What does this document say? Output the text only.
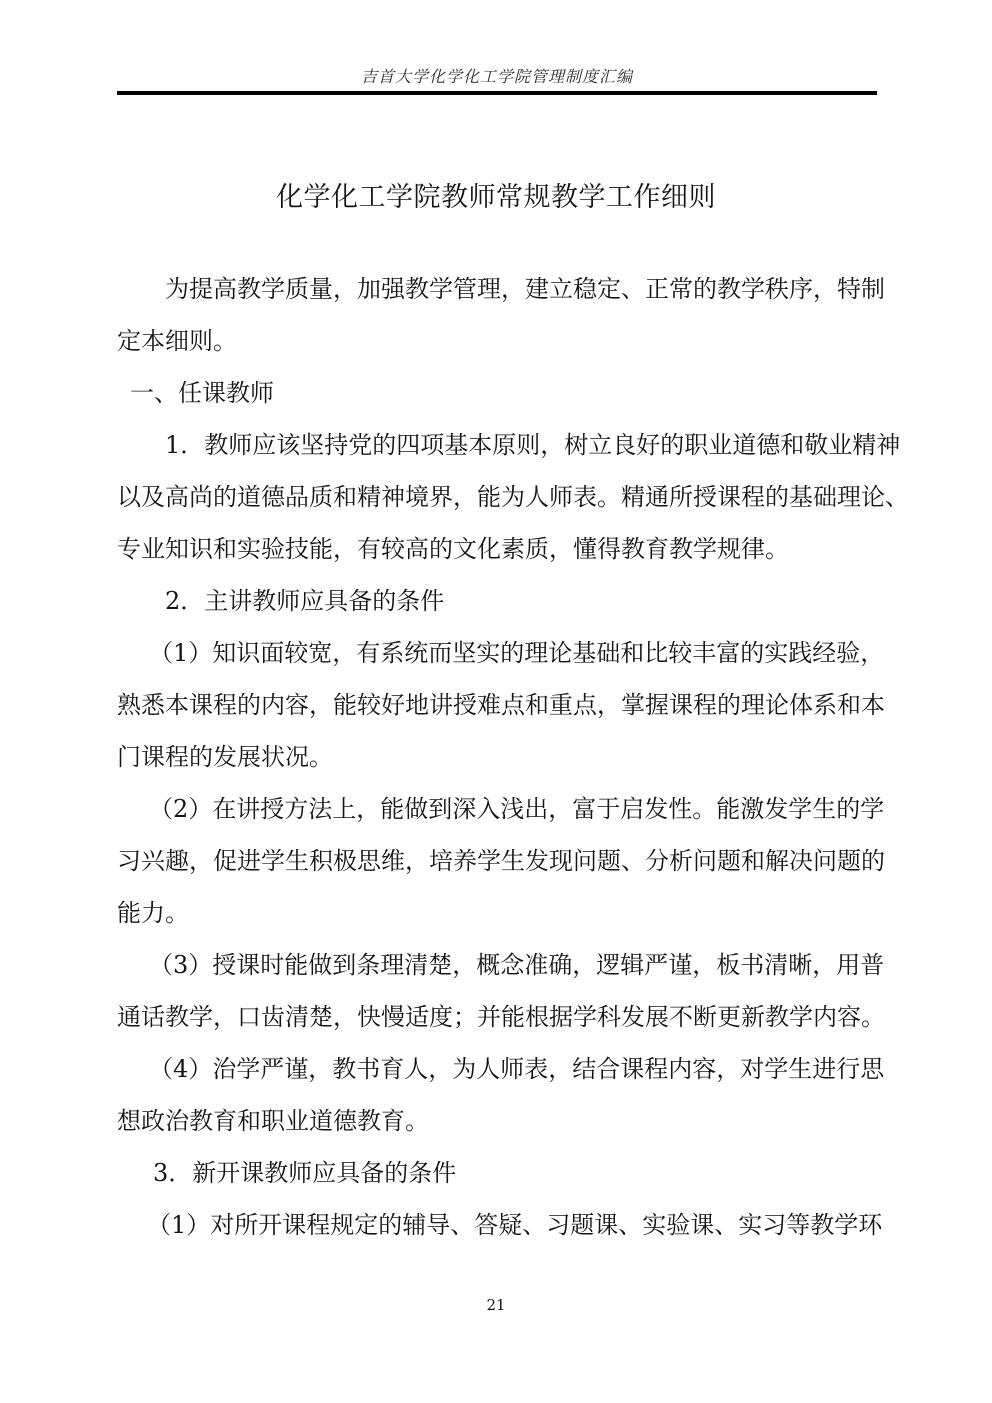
吉首大学化学化工学院管理制度汇编
化学化工学院教师常规教学工作细则
为提高教学质量，加强教学管理，建立稳定、正常的教学秩序，特制
定本细则。
一、任课教师
1．教师应该坚持党的四项基本原则，树立良好的职业道德和敬业精神
以及高尚的道德品质和精神境界，能为人师表。精通所授课程的基础理论、
专业知识和实验技能，有较高的文化素质，懂得教育教学规律。
2．主讲教师应具备的条件
（1）知识面较宽，有系统而坚实的理论基础和比较丰富的实践经验，
熟悉本课程的内容，能较好地讲授难点和重点，掌握课程的理论体系和本
门课程的发展状况。
（2）在讲授方法上，能做到深入浅出，富于启发性。能激发学生的学
习兴趣，促进学生积极思维，培养学生发现问题、分析问题和解决问题的
能力。
（3）授课时能做到条理清楚，概念准确，逻辑严谨，板书清晰，用普
通话教学，口齿清楚，快慢适度；并能根据学科发展不断更新教学内容。
（4）治学严谨，教书育人，为人师表，结合课程内容，对学生进行思
想政治教育和职业道德教育。
3．新开课教师应具备的条件
（1）对所开课程规定的辅导、答疑、习题课、实验课、实习等教学环
21
